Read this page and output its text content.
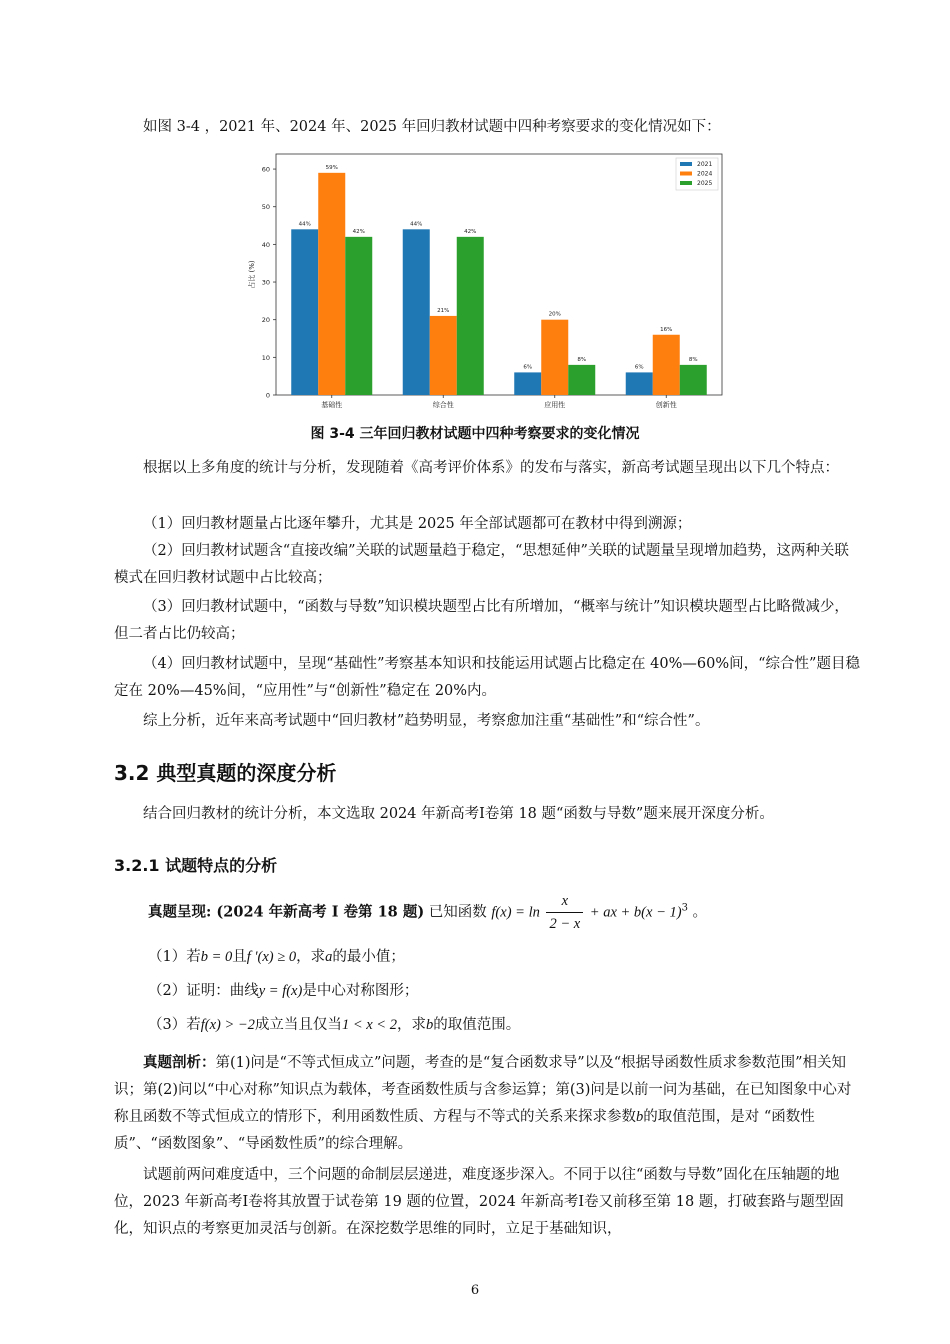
如图 3-4 ，2021 年、2024 年、2025 年回归教材试题中四种考察要求的变化情况如下：

0
10
20
30
40
50
60
占比 (%)
44%
59%
42%
基础性
44%
21%
42%
综合性
6%
20%
8%
应用性
6%
16%
8%
创新性
2021
2024
2025
图 3-4 三年回归教材试题中四种考察要求的变化情况

根据以上多角度的统计与分析，发现随着《高考评价体系》的发布与落实，新高考试题呈现出以下几个特点：

（1）回归教材题量占比逐年攀升，尤其是 2025 年全部试题都可在教材中得到溯源；

（2）回归教材试题含“直接改编”关联的试题量趋于稳定，“思想延伸”关联的试题量呈现增加趋势，这两种关联模式在回归教材试题中占比较高；

（3）回归教材试题中，“函数与导数”知识模块题型占比有所增加，“概率与统计”知识模块题型占比略微减少，但二者占比仍较高；

（4）回归教材试题中，呈现“基础性”考察基本知识和技能运用试题占比稳定在 40%—60%间，“综合性”题目稳定在 20%—45%间，“应用性”与“创新性”稳定在 20%内。

综上分析，近年来高考试题中“回归教材”趋势明显，考察愈加注重“基础性”和“综合性”。

3.2 典型真题的深度分析

结合回归教材的统计分析，本文选取 2024 年新高考Ⅰ卷第 18 题“函数与导数”题来展开深度分析。

3.2.1 试题特点的分析
真题呈现: (2024 年新高考 I 卷第 18 题) 已知函数 $f(x) = \ln \frac{x}{2 - x}$ + ax + $b(x - 1)^3$ 。
（1）若b = 0且f '(x) ≥ 0，求a的最小值；
（2）证明：曲线y = f(x)是中心对称图形；
（3）若f(x) > −2成立当且仅当1 < x < 2，求b的取值范围。

真题剖析：第(1)问是“不等式恒成立”问题，考查的是“复合函数求导”以及“根据导函数性质求参数范围”相关知识；第(2)问以“中心对称”知识点为载体，考查函数性质与含参运算；第(3)问是以前一问为基础，在已知图象中心对称且函数不等式恒成立的情形下，利用函数性质、方程与不等式的关系来探求参数b的取值范围，是对 “函数性质”、“函数图象”、“导函数性质”的综合理解。

试题前两问难度适中，三个问题的命制层层递进，难度逐步深入。不同于以往“函数与导数”固化在压轴题的地位，2023 年新高考Ⅰ卷将其放置于试卷第 19 题的位置，2024 年新高考Ⅰ卷又前移至第 18 题，打破套路与题型固化，知识点的考察更加灵活与创新。在深挖数学思维的同时，立足于基础知识，

6
